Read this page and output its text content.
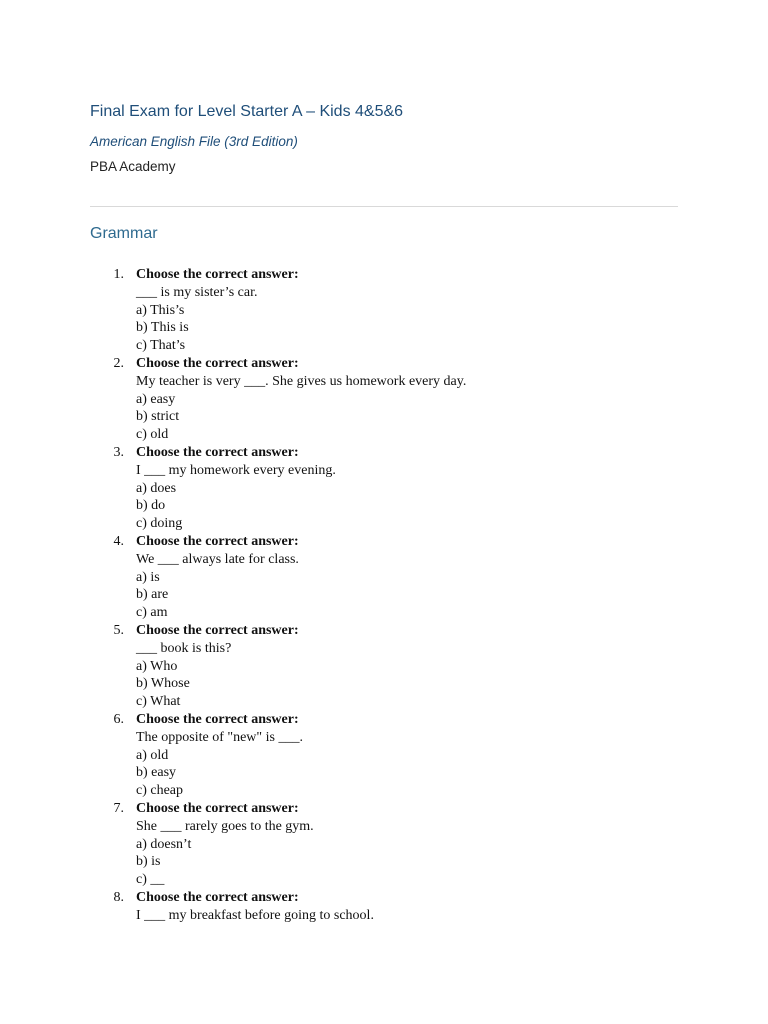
Final Exam for Level Starter A – Kids 4&5&6
American English File (3rd Edition)
PBA Academy
Grammar
1. Choose the correct answer:
___ is my sister’s car.
a) This’s
b) This is
c) That’s
2. Choose the correct answer:
My teacher is very ___. She gives us homework every day.
a) easy
b) strict
c) old
3. Choose the correct answer:
I ___ my homework every evening.
a) does
b) do
c) doing
4. Choose the correct answer:
We ___ always late for class.
a) is
b) are
c) am
5. Choose the correct answer:
___ book is this?
a) Who
b) Whose
c) What
6. Choose the correct answer:
The opposite of "new" is ___.
a) old
b) easy
c) cheap
7. Choose the correct answer:
She ___ rarely goes to the gym.
a) doesn’t
b) is
c) __
8. Choose the correct answer:
I ___ my breakfast before going to school.
